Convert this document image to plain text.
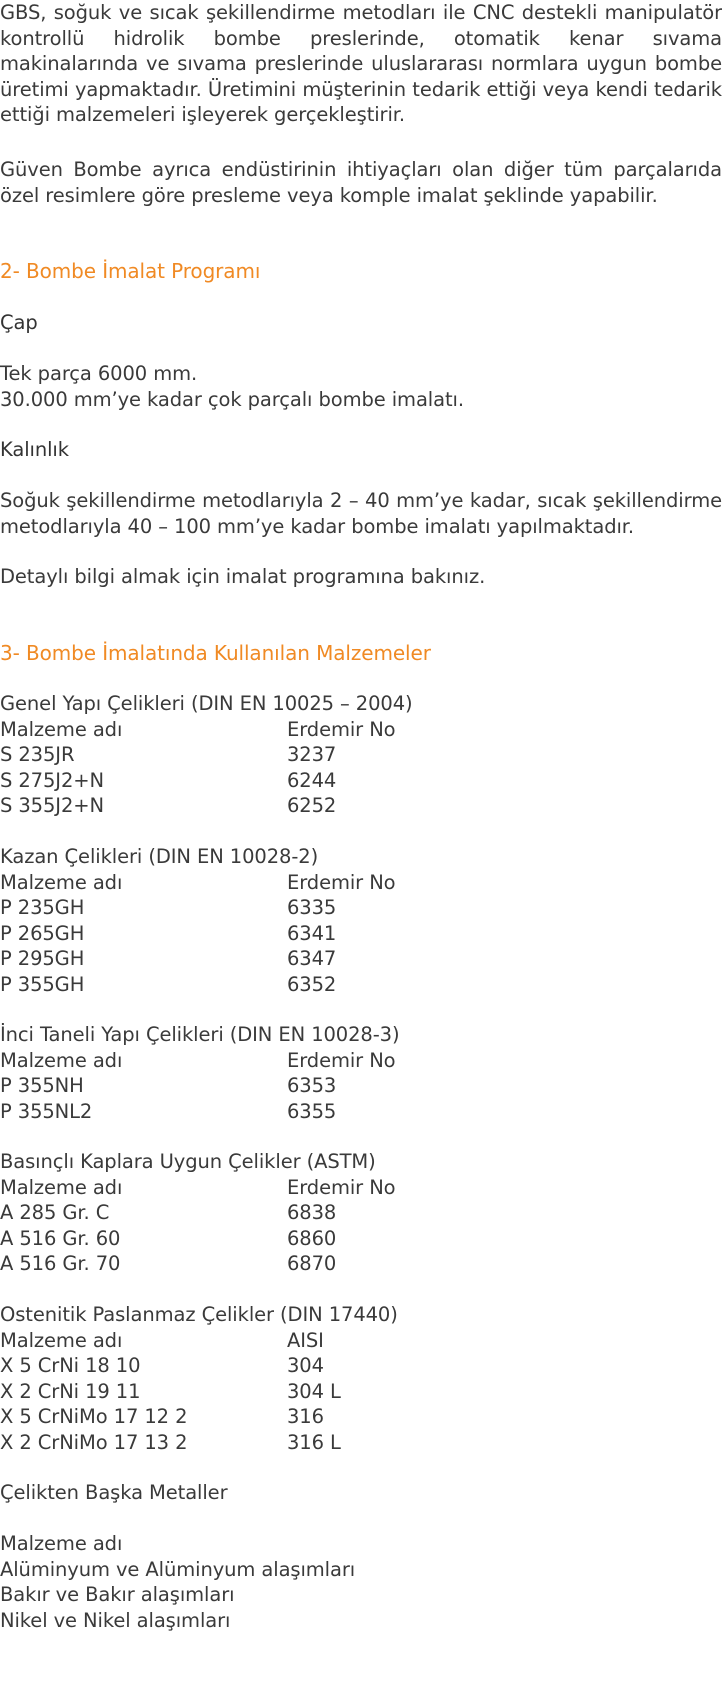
GBS, soğuk ve sıcak şekillendirme metodları ile CNC destekli manipulatör kontrollü hidrolik bombe preslerinde, otomatik kenar sıvama makinalarında ve sıvama preslerinde uluslararası normlara uygun bombe üretimi yapmaktadır. Üretimini müşterinin tedarik ettiği veya kendi tedarik ettiği malzemeleri işleyerek gerçekleştirir.

Güven Bombe ayrıca endüstirinin ihtiyaçları olan diğer tüm parçalarıda özel resimlere göre presleme veya komple imalat şeklinde yapabilir.

2- Bombe İmalat Programı
Çap

Tek parça 6000 mm.

30.000 mm’ye kadar çok parçalı bombe imalatı.

Kalınlık

Soğuk şekillendirme metodlarıyla 2 – 40 mm’ye kadar, sıcak şekillendirme metodlarıyla 40 – 100 mm’ye kadar bombe imalatı yapılmaktadır.

Detaylı bilgi almak için imalat programına bakınız.

3- Bombe İmalatında Kullanılan Malzemeler

Genel Yapı Çelikleri (DIN EN 10025 – 2004)

Malzeme adı	Erdemir No
S 235JR	3237
S 275J2+N	6244
S 355J2+N	6252

Kazan Çelikleri (DIN EN 10028-2)

Malzeme adı	Erdemir No
P 235GH	6335
P 265GH	6341
P 295GH	6347
P 355GH	6352

İnci Taneli Yapı Çelikleri (DIN EN 10028-3)

Malzeme adı	Erdemir No
P 355NH	6353
P 355NL2	6355

Basınçlı Kaplara Uygun Çelikler (ASTM)

Malzeme adı	Erdemir No
A 285 Gr. C	6838
A 516 Gr. 60	6860
A 516 Gr. 70	6870

Ostenitik Paslanmaz Çelikler (DIN 17440)

Malzeme adı	AISI
X 5 CrNi 18 10	304
X 2 CrNi 19 11	304 L
X 5 CrNiMo 17 12 2	316
X 2 CrNiMo 17 13 2	316 L

Çelikten Başka Metaller

Malzeme adı

Alüminyum ve Alüminyum alaşımları

Bakır ve Bakır alaşımları

Nikel ve Nikel alaşımları
